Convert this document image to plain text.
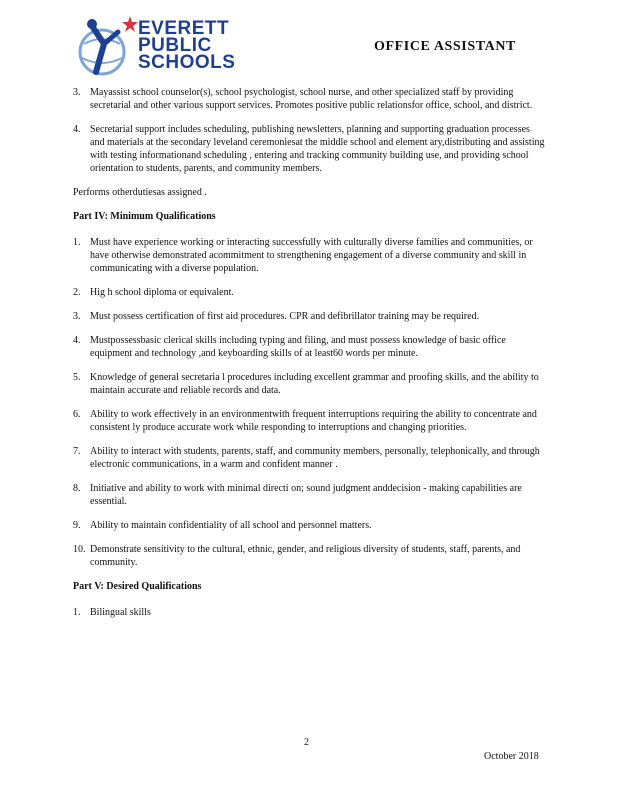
EVERETT
PUBLIC
SCHOOLS
OFFICE ASSISTANT
3. Mayassist school counselor(s), school psychologist, school nurse, and other specialized staff by providing secretarial and other various support services. Promotes positive public relationsfor office, school, and district.
4. Secretarial support includes scheduling, publishing newsletters, planning and supporting graduation processes and materials at the secondary leveland ceremoniesat the middle school and element ary,distributing and assisting with testing informationand scheduling , entering and tracking community building use, and providing school orientation to students, parents, and community members.

Performs otherdutiesas assigned .

Part IV: Minimum Qualifications

1. Must have experience working or interacting successfully with culturally diverse families and communities, or have otherwise demonstrated acommitment to strengthening engagement of a diverse community and skill in communicating with a diverse population.
2. Hig h school diploma or equivalent.
3. Must possess certification of first aid procedures. CPR and defibrillator training may be required.
4. Mustpossessbasic clerical skills including typing and filing, and must possess knowledge of basic office equipment and technology ,and keyboarding skills of at least60 words per minute.
5. Knowledge of general secretaria l procedures including excellent grammar and proofing skills, and the ability to maintain accurate and reliable records and data.
6. Ability to work effectively in an environmentwith frequent interruptions requiring the ability to concentrate and consistent ly produce accurate work while responding to interruptions and changing priorities.
7. Ability to interact with students, parents, staff, and community members, personally, telephonically, and through electronic communications, in a warm and confident manner .
8. Initiative and ability to work with minimal directi on; sound judgment anddecision - making capabilities are essential.
9. Ability to maintain confidentiality of all school and personnel matters.
10. Demonstrate sensitivity to the cultural, ethnic, gender, and religious diversity of students, staff, parents, and community.

Part V: Desired Qualifications

1. Bilingual skills
2
October 2018
